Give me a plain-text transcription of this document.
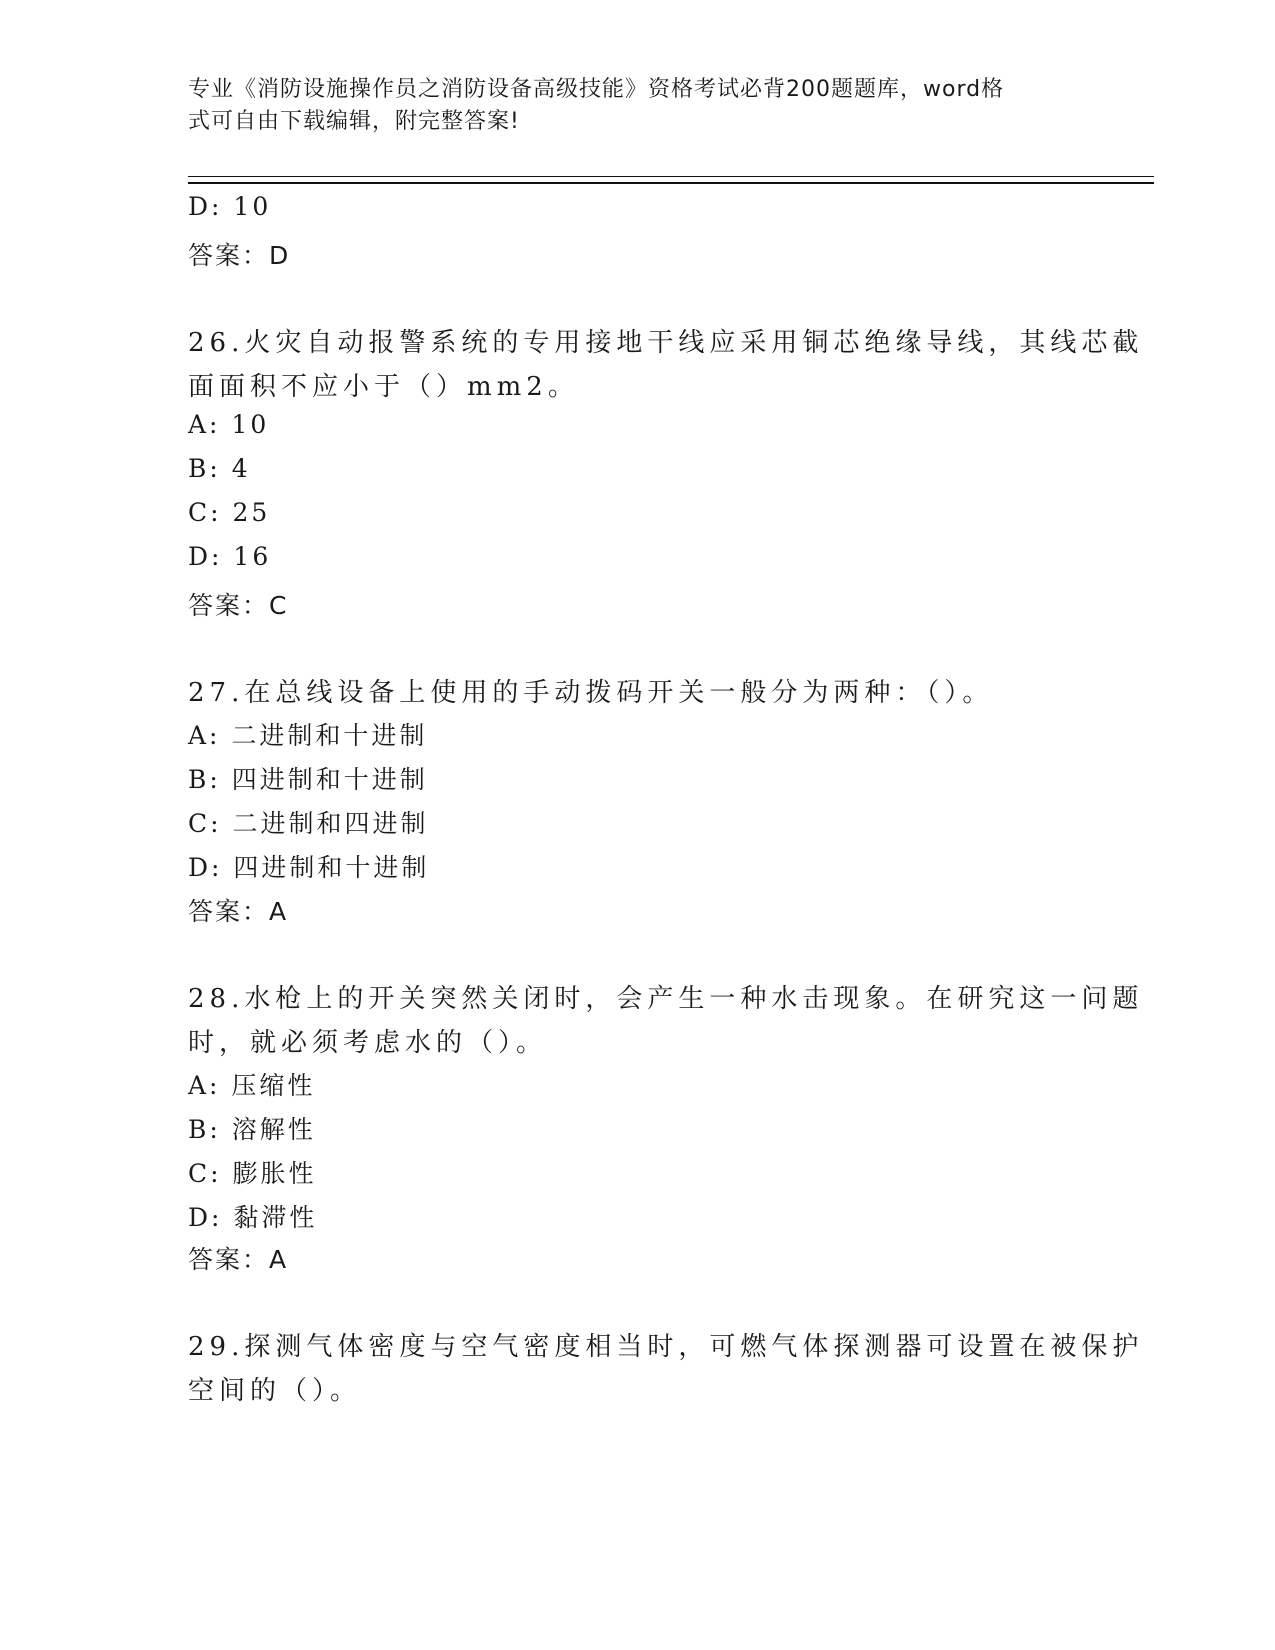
专业《消防设施操作员之消防设备高级技能》资格考试必背200题题库，word格
式可自由下载编辑，附完整答案!
D: 10
答案：D
26.火灾自动报警系统的专用接地干线应采用铜芯绝缘导线，其线芯截
面面积不应小于（）mm2。
A: 10
B: 4
C: 25
D: 16
答案：C
27.在总线设备上使用的手动拨码开关一般分为两种：（）。
A: 二进制和十进制
B: 四进制和十进制
C: 二进制和四进制
D: 四进制和十进制
答案：A
28.水枪上的开关突然关闭时，会产生一种水击现象。在研究这一问题
时，就必须考虑水的（）。
A: 压缩性
B: 溶解性
C: 膨胀性
D: 黏滞性
答案：A
29.探测气体密度与空气密度相当时，可燃气体探测器可设置在被保护
空间的（）。
